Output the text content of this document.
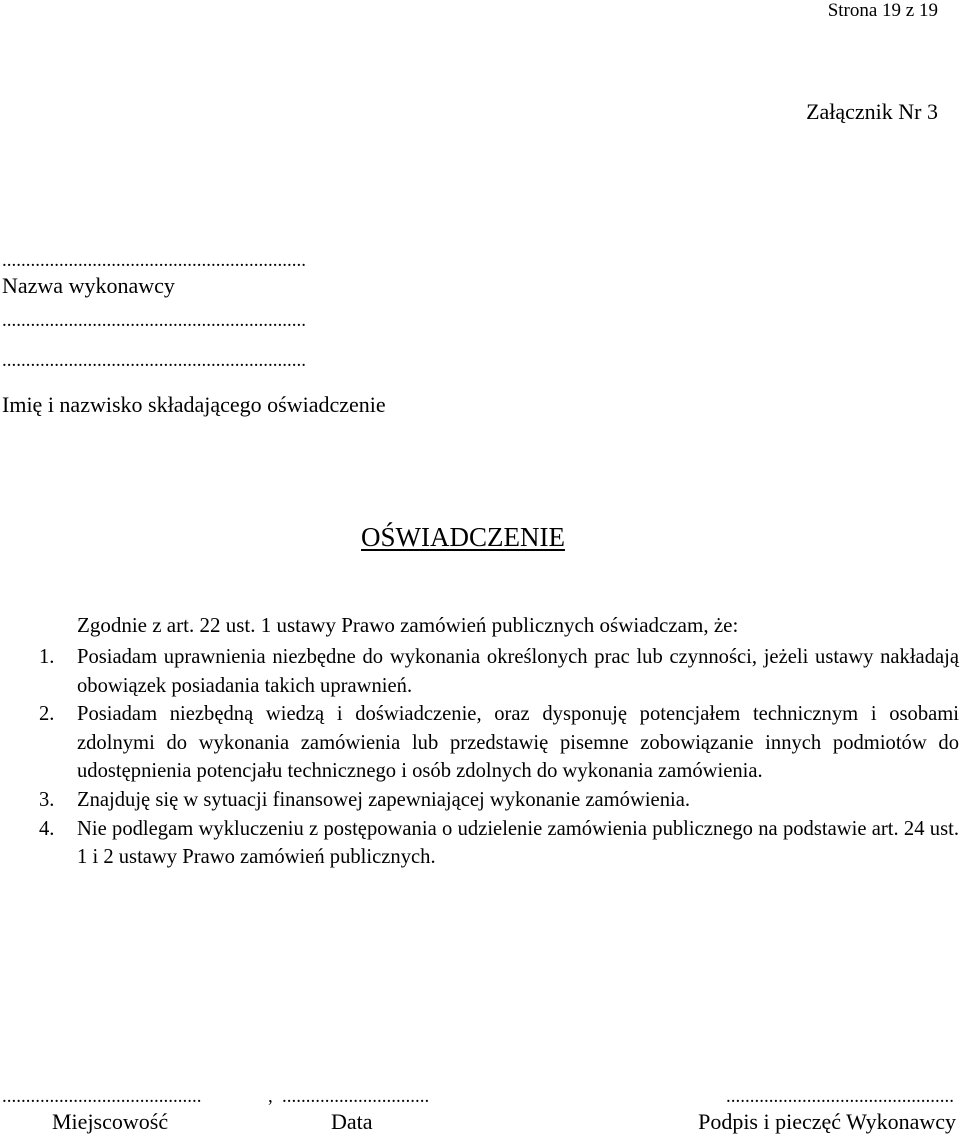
Strona 19 z 19
Załącznik Nr 3
................................................................
Nazwa wykonawcy
................................................................
................................................................
Imię i nazwisko składającego oświadczenie
OŚWIADCZENIE
Zgodnie z art. 22 ust. 1 ustawy Prawo zamówień publicznych oświadczam, że:
1. Posiadam uprawnienia niezbędne do wykonania określonych prac lub czynności, jeżeli ustawy nakładają obowiązek posiadania takich uprawnień.
2. Posiadam niezbędną wiedzą i doświadczenie, oraz dysponuję potencjałem technicznym i osobami zdolnymi do wykonania zamówienia lub przedstawię pisemne zobowiązanie innych podmiotów do udostępnienia potencjału technicznego i osób zdolnych do wykonania zamówienia.
3. Znajduję się w sytuacji finansowej zapewniającej wykonanie zamówienia.
4. Nie podlegam wykluczeniu z postępowania o udzielenie zamówienia publicznego na podstawie art. 24 ust. 1 i 2 ustawy Prawo zamówień publicznych.
..........................................	, ...............................	................................................
Miejscowość	Data	Podpis i pieczęć Wykonawcy
